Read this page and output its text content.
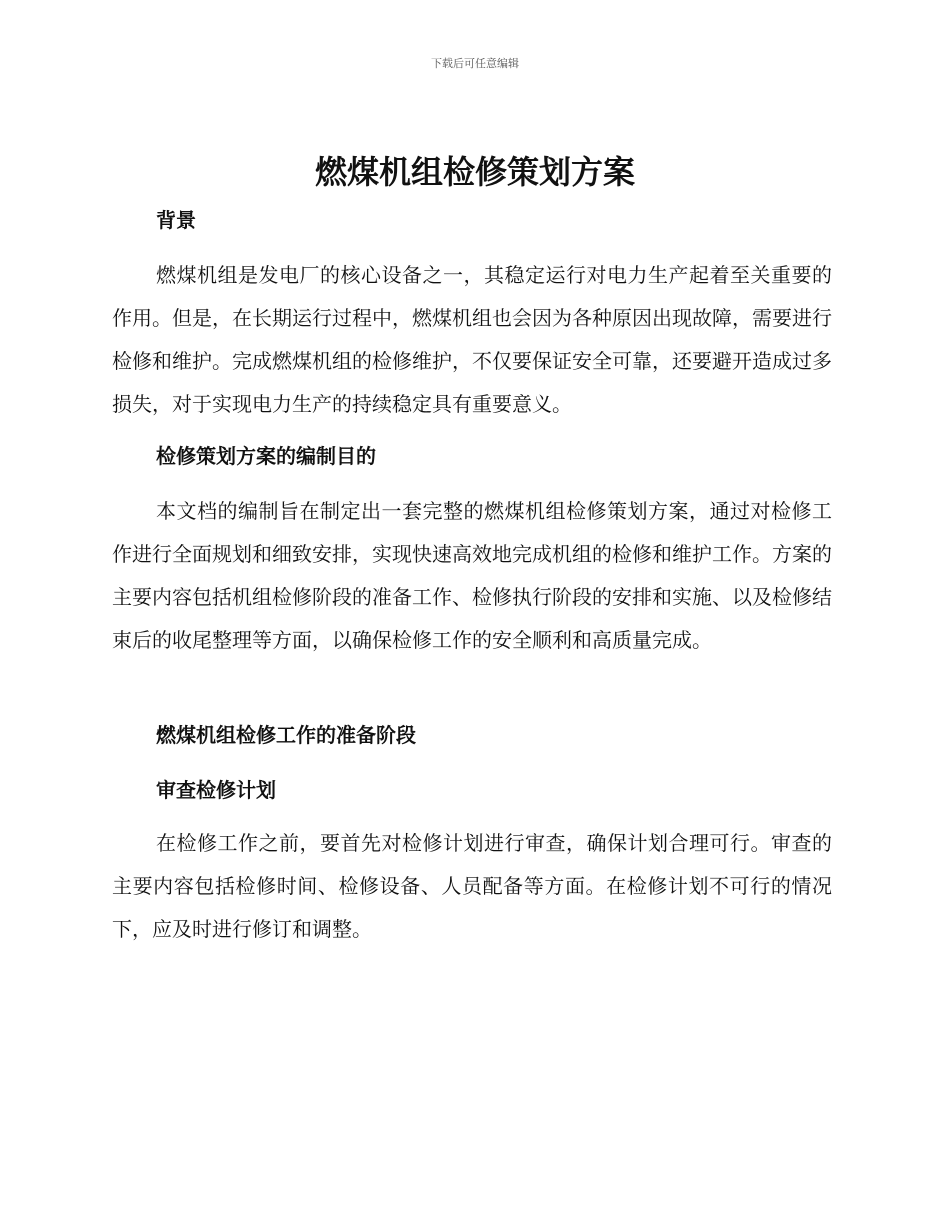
下载后可任意编辑
燃煤机组检修策划方案
背景

燃煤机组是发电厂的核心设备之一，其稳定运行对电力生产起着至关重要的作用。但是，在长期运行过程中，燃煤机组也会因为各种原因出现故障，需要进行检修和维护。完成燃煤机组的检修维护，不仅要保证安全可靠，还要避开造成过多损失，对于实现电力生产的持续稳定具有重要意义。

检修策划方案的编制目的

本文档的编制旨在制定出一套完整的燃煤机组检修策划方案，通过对检修工作进行全面规划和细致安排，实现快速高效地完成机组的检修和维护工作。方案的主要内容包括机组检修阶段的准备工作、检修执行阶段的安排和实施、以及检修结束后的收尾整理等方面，以确保检修工作的安全顺利和高质量完成。

燃煤机组检修工作的准备阶段
审查检修计划

在检修工作之前，要首先对检修计划进行审查，确保计划合理可行。审查的主要内容包括检修时间、检修设备、人员配备等方面。在检修计划不可行的情况下，应及时进行修订和调整。
